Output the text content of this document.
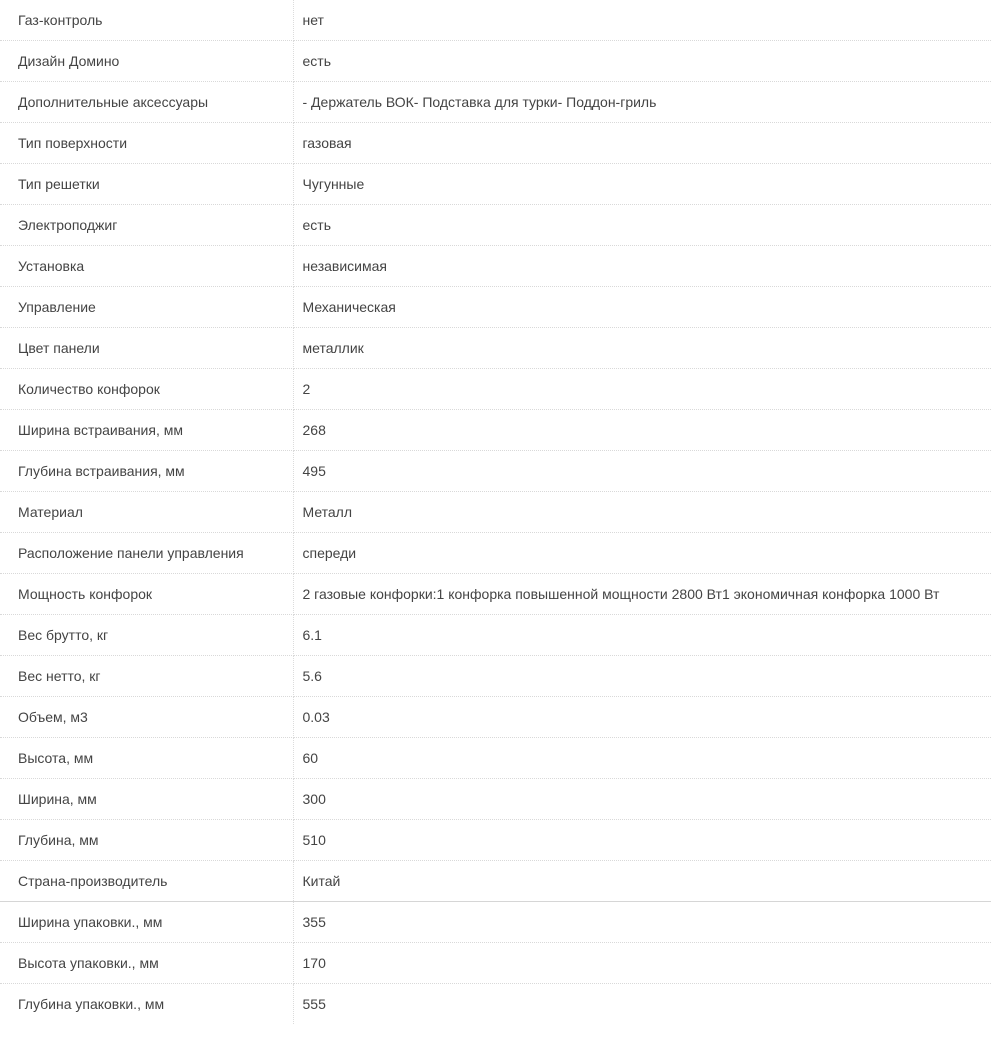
Газ-контроль	нет
Дизайн Домино	есть
Дополнительные аксессуары	- Держатель ВОК- Подставка для турки- Поддон-гриль
Тип поверхности	газовая
Тип решетки	Чугунные
Электроподжиг	есть
Установка	независимая
Управление	Механическая
Цвет панели	металлик
Количество конфорок	2
Ширина встраивания, мм	268
Глубина встраивания, мм	495
Материал	Металл
Расположение панели управления	спереди
Мощность конфорок	2 газовые конфорки:1 конфорка повышенной мощности 2800 Вт1 экономичная конфорка 1000 Вт
Вес брутто, кг	6.1
Вес нетто, кг	5.6
Объем, м3	0.03
Высота, мм	60
Ширина, мм	300
Глубина, мм	510
Страна-производитель	Китай
Ширина упаковки., мм	355
Высота упаковки., мм	170
Глубина упаковки., мм	555
